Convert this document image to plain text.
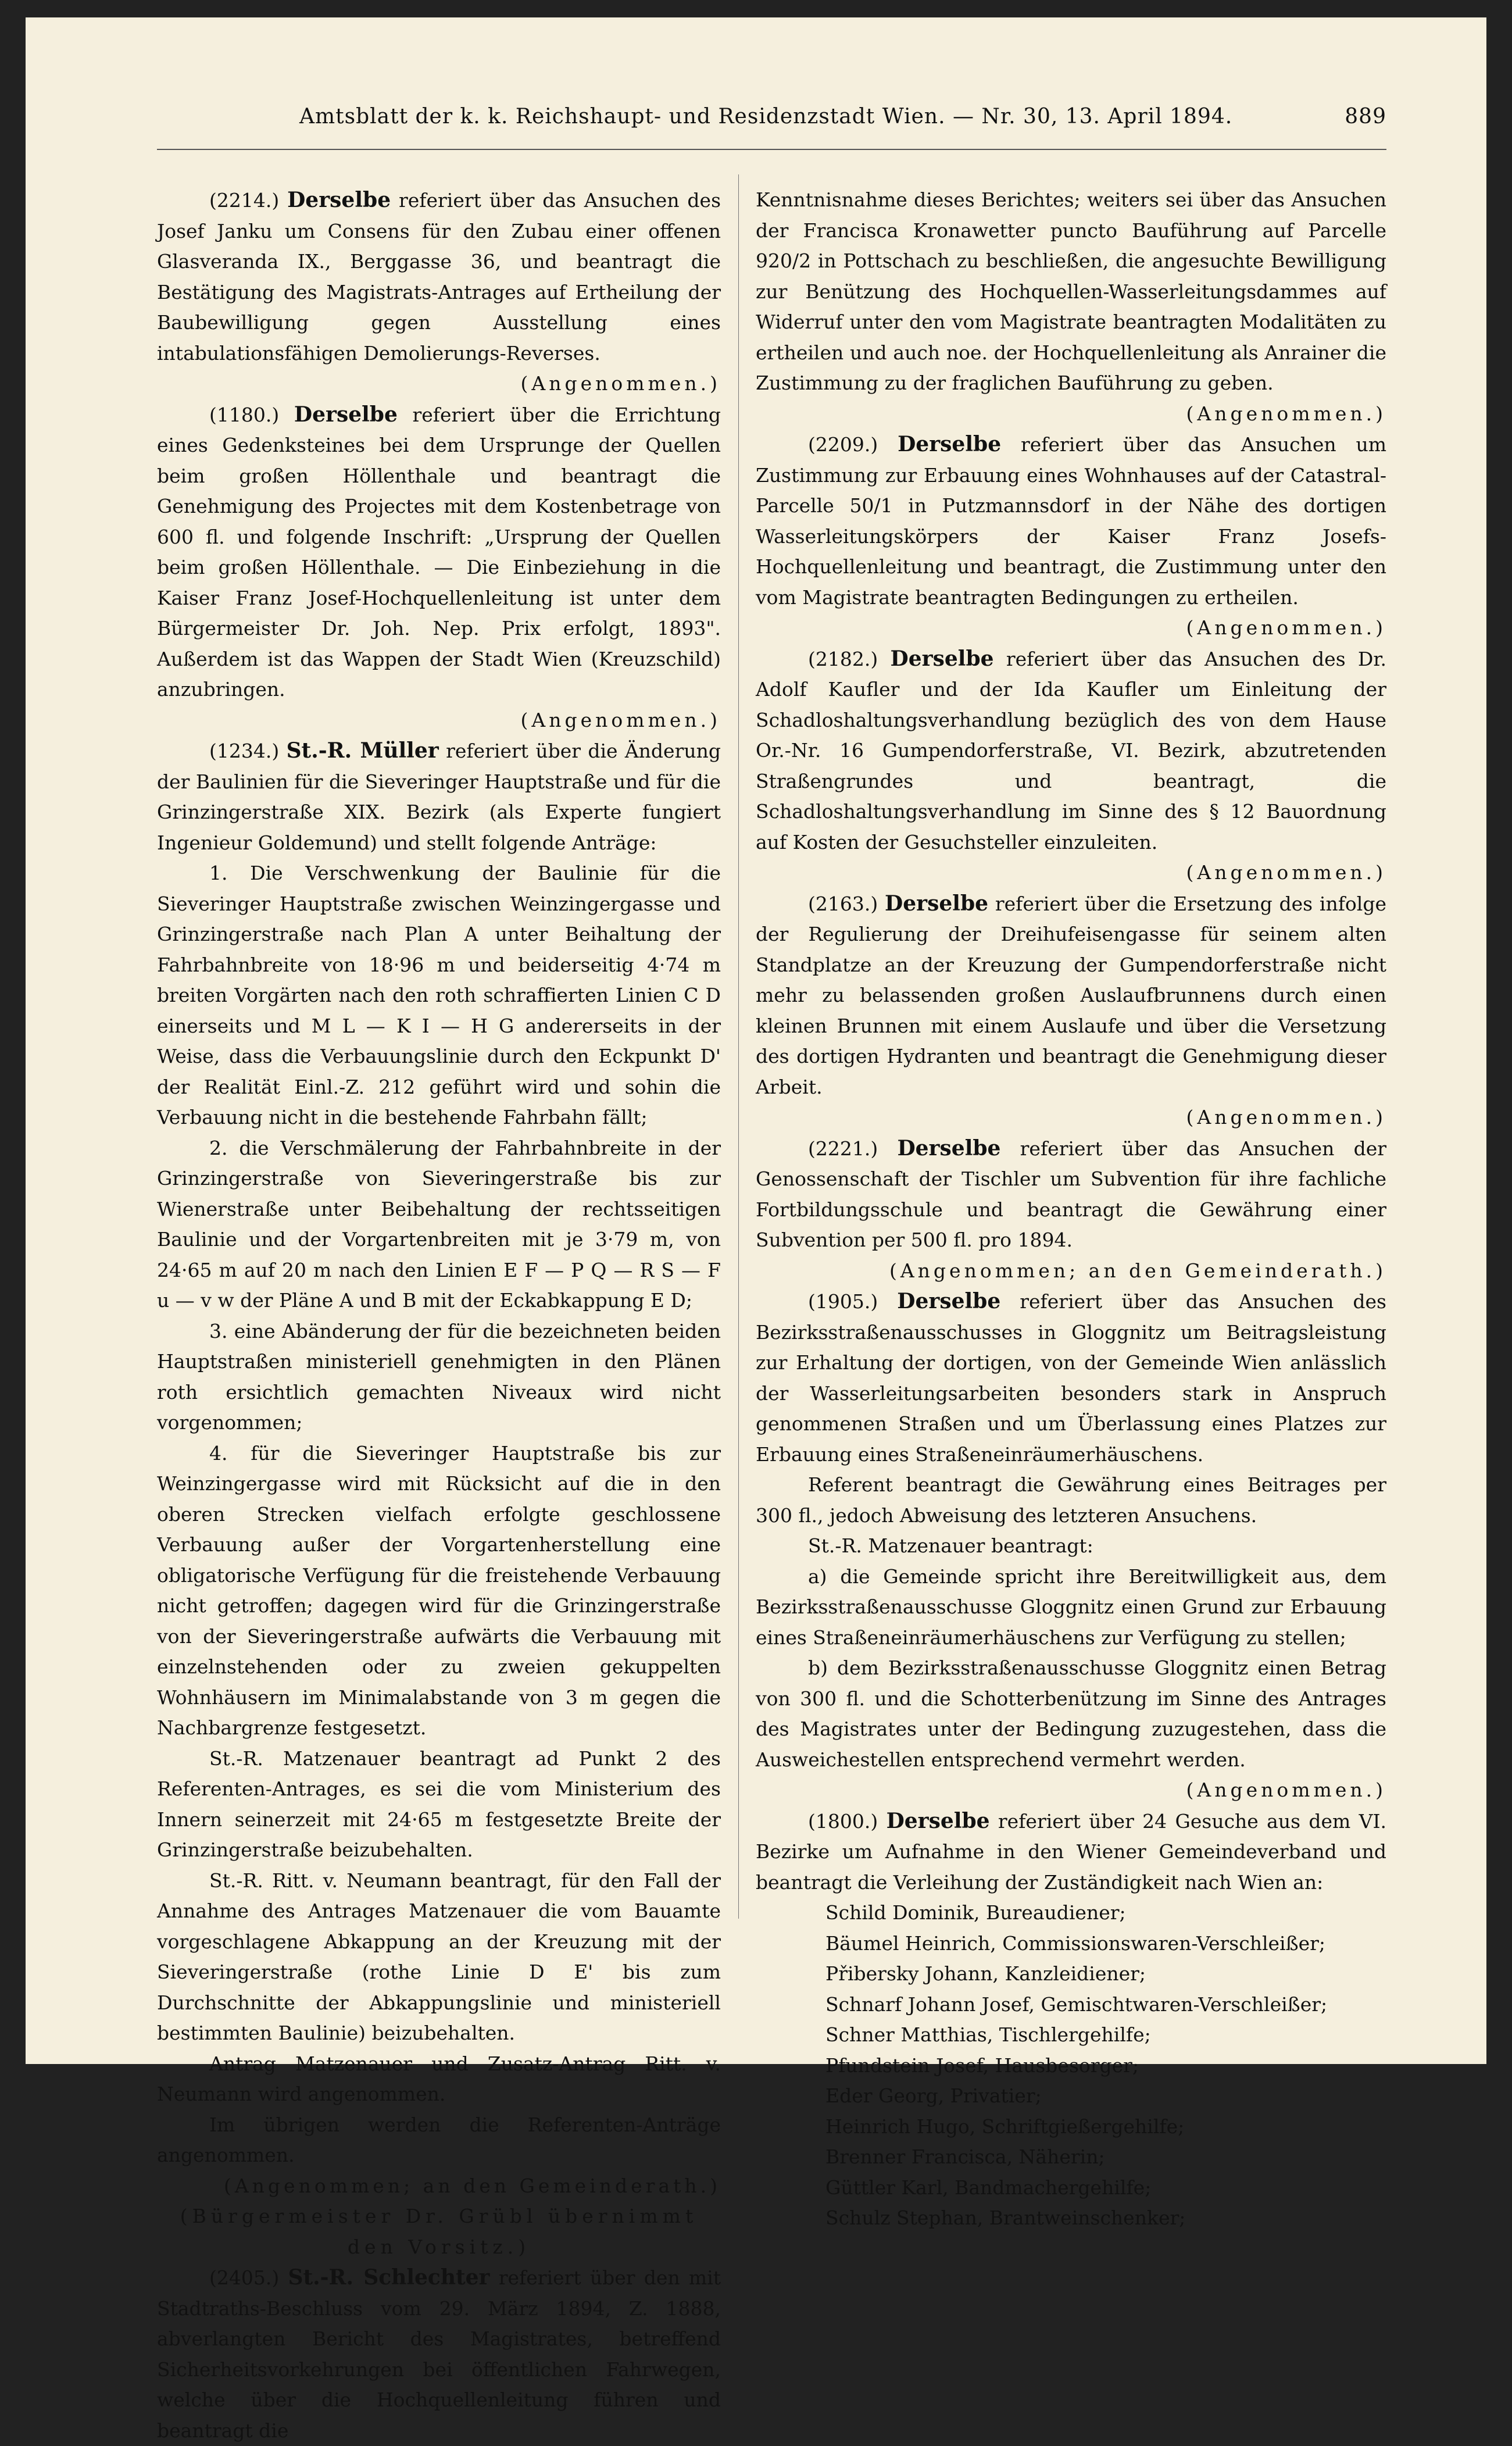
Amtsblatt der k. k. Reichshaupt- und Residenzstadt Wien. — Nr. 30, 13. April 1894.	889

(2214.) Derselbe referiert über das Ansuchen des Josef Janku um Consens für den Zubau einer offenen Glasveranda IX., Berggasse 36, und beantragt die Bestätigung des Magistrats-Antrages auf Ertheilung der Baubewilligung gegen Ausstellung eines intabulationsfähigen Demolierungs-Reverses.

(Angenommen.)

(1180.) Derselbe referiert über die Errichtung eines Gedenksteines bei dem Ursprunge der Quellen beim großen Höllenthale und beantragt die Genehmigung des Projectes mit dem Kostenbetrage von 600 fl. und folgende Inschrift: „Ursprung der Quellen beim großen Höllenthale. — Die Einbeziehung in die Kaiser Franz Josef-Hochquellenleitung ist unter dem Bürgermeister Dr. Joh. Nep. Prix erfolgt, 1893". Außerdem ist das Wappen der Stadt Wien (Kreuzschild) anzubringen.

(Angenommen.)

(1234.) St.-R. Müller referiert über die Änderung der Baulinien für die Sieveringer Hauptstraße und für die Grinzingerstraße XIX. Bezirk (als Experte fungiert Ingenieur Goldemund) und stellt folgende Anträge:

1. Die Verschwenkung der Baulinie für die Sieveringer Hauptstraße zwischen Weinzingergasse und Grinzingerstraße nach Plan A unter Beihaltung der Fahrbahnbreite von 18·96 m und beiderseitig 4·74 m breiten Vorgärten nach den roth schraffierten Linien C D einerseits und M L — K I — H G andererseits in der Weise, dass die Verbauungslinie durch den Eckpunkt D' der Realität Einl.-Z. 212 geführt wird und sohin die Verbauung nicht in die bestehende Fahrbahn fällt;

2. die Verschmälerung der Fahrbahnbreite in der Grinzingerstraße von Sieveringerstraße bis zur Wienerstraße unter Beibehaltung der rechtsseitigen Baulinie und der Vorgartenbreiten mit je 3·79 m, von 24·65 m auf 20 m nach den Linien E F — P Q — R S — F u — v w der Pläne A und B mit der Eckabkappung E D;

3. eine Abänderung der für die bezeichneten beiden Hauptstraßen ministeriell genehmigten in den Plänen roth ersichtlich gemachten Niveaux wird nicht vorgenommen;

4. für die Sieveringer Hauptstraße bis zur Weinzingergasse wird mit Rücksicht auf die in den oberen Strecken vielfach erfolgte geschlossene Verbauung außer der Vorgartenherstellung eine obligatorische Verfügung für die freistehende Verbauung nicht getroffen; dagegen wird für die Grinzingerstraße von der Sieveringerstraße aufwärts die Verbauung mit einzelnstehenden oder zu zweien gekuppelten Wohnhäusern im Minimalabstande von 3 m gegen die Nachbargrenze festgesetzt.

St.-R. Matzenauer beantragt ad Punkt 2 des Referenten-Antrages, es sei die vom Ministerium des Innern seinerzeit mit 24·65 m festgesetzte Breite der Grinzingerstraße beizubehalten.

St.-R. Ritt. v. Neumann beantragt, für den Fall der Annahme des Antrages Matzenauer die vom Bauamte vorgeschlagene Abkappung an der Kreuzung mit der Sieveringerstraße (rothe Linie D E' bis zum Durchschnitte der Abkappungslinie und ministeriell bestimmten Baulinie) beizubehalten.

Antrag Matzenauer und Zusatz-Antrag Ritt. v. Neumann wird angenommen.

Im übrigen werden die Referenten-Anträge angenommen.

(Angenommen; an den Gemeinderath.)

(Bürgermeister Dr. Grübl übernimmt den Vorsitz.)

(2405.) St.-R. Schlechter referiert über den mit Stadtraths-Beschluss vom 29. März 1894, Z. 1888, abverlangten Bericht des Magistrates, betreffend Sicherheitsvorkehrungen bei öffentlichen Fahrwegen, welche über die Hochquellenleitung führen und beantragt die

Kenntnisnahme dieses Berichtes; weiters sei über das Ansuchen der Francisca Kronawetter puncto Bauführung auf Parcelle 920/2 in Pottschach zu beschließen, die angesuchte Bewilligung zur Benützung des Hochquellen-Wasserleitungsdammes auf Widerruf unter den vom Magistrate beantragten Modalitäten zu ertheilen und auch noe. der Hochquellenleitung als Anrainer die Zustimmung zu der fraglichen Bauführung zu geben.

(Angenommen.)

(2209.) Derselbe referiert über das Ansuchen um Zustimmung zur Erbauung eines Wohnhauses auf der Catastral-Parcelle 50/1 in Putzmannsdorf in der Nähe des dortigen Wasserleitungskörpers der Kaiser Franz Josefs-Hochquellenleitung und beantragt, die Zustimmung unter den vom Magistrate beantragten Bedingungen zu ertheilen.

(Angenommen.)

(2182.) Derselbe referiert über das Ansuchen des Dr. Adolf Kaufler und der Ida Kaufler um Einleitung der Schadloshaltungsverhandlung bezüglich des von dem Hause Or.-Nr. 16 Gumpendorferstraße, VI. Bezirk, abzutretenden Straßengrundes und beantragt, die Schadloshaltungsverhandlung im Sinne des § 12 Bauordnung auf Kosten der Gesuchsteller einzuleiten.

(Angenommen.)

(2163.) Derselbe referiert über die Ersetzung des infolge der Regulierung der Dreihufeisengasse für seinem alten Standplatze an der Kreuzung der Gumpendorferstraße nicht mehr zu belassenden großen Auslaufbrunnens durch einen kleinen Brunnen mit einem Auslaufe und über die Versetzung des dortigen Hydranten und beantragt die Genehmigung dieser Arbeit.

(Angenommen.)

(2221.) Derselbe referiert über das Ansuchen der Genossenschaft der Tischler um Subvention für ihre fachliche Fortbildungsschule und beantragt die Gewährung einer Subvention per 500 fl. pro 1894.

(Angenommen; an den Gemeinderath.)

(1905.) Derselbe referiert über das Ansuchen des Bezirksstraßenausschusses in Gloggnitz um Beitragsleistung zur Erhaltung der dortigen, von der Gemeinde Wien anlässlich der Wasserleitungsarbeiten besonders stark in Anspruch genommenen Straßen und um Überlassung eines Platzes zur Erbauung eines Straßeneinräumerhäuschens.

Referent beantragt die Gewährung eines Beitrages per 300 fl., jedoch Abweisung des letzteren Ansuchens.

St.-R. Matzenauer beantragt:

a) die Gemeinde spricht ihre Bereitwilligkeit aus, dem Bezirksstraßenausschusse Gloggnitz einen Grund zur Erbauung eines Straßeneinräumerhäuschens zur Verfügung zu stellen;

b) dem Bezirksstraßenausschusse Gloggnitz einen Betrag von 300 fl. und die Schotterbenützung im Sinne des Antrages des Magistrates unter der Bedingung zuzugestehen, dass die Ausweichestellen entsprechend vermehrt werden.

(Angenommen.)

(1800.) Derselbe referiert über 24 Gesuche aus dem VI. Bezirke um Aufnahme in den Wiener Gemeindeverband und beantragt die Verleihung der Zuständigkeit nach Wien an:

Schild Dominik, Bureaudiener;

Bäumel Heinrich, Commissionswaren-Verschleißer;

Přibersky Johann, Kanzleidiener;

Schnarf Johann Josef, Gemischtwaren-Verschleißer;

Schner Matthias, Tischlergehilfe;

Pfundstein Josef, Hausbesorger;

Eder Georg, Privatier;

Heinrich Hugo, Schriftgießergehilfe;

Brenner Francisca, Näherin;

Güttler Karl, Bandmachergehilfe;

Schulz Stephan, Brantweinschenker;
